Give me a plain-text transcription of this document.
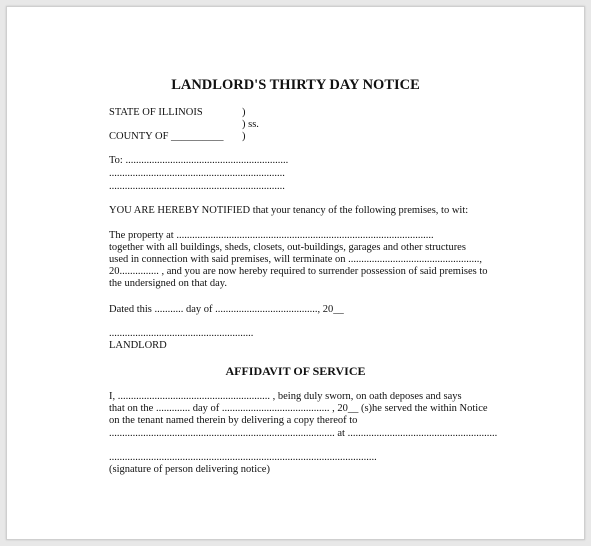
LANDLORD'S THIRTY DAY NOTICE
STATE OF ILLINOIS	)
) ss.
COUNTY OF __________ )
To: ..............................................................
...................................................................
...................................................................
YOU ARE HEREBY NOTIFIED that your tenancy of the following premises, to wit:
The property at ..................................................................................................
together with all buildings, sheds, closets, out-buildings, garages and other structures
used in connection with said premises, will terminate on ..................................................,
20............... , and you are now hereby required to surrender possession of said premises to
the undersigned on that day.
Dated this ........... day of ......................................., 20__
.......................................................
LANDLORD
AFFIDAVIT OF SERVICE
I, .......................................................... , being duly sworn, on oath deposes and says
that on the ............. day of ......................................... , 20__ (s)he served the within Notice
on the tenant named therein by delivering a copy thereof to
...................................................................................... at .........................................................
......................................................................................................
(signature of person delivering notice)
